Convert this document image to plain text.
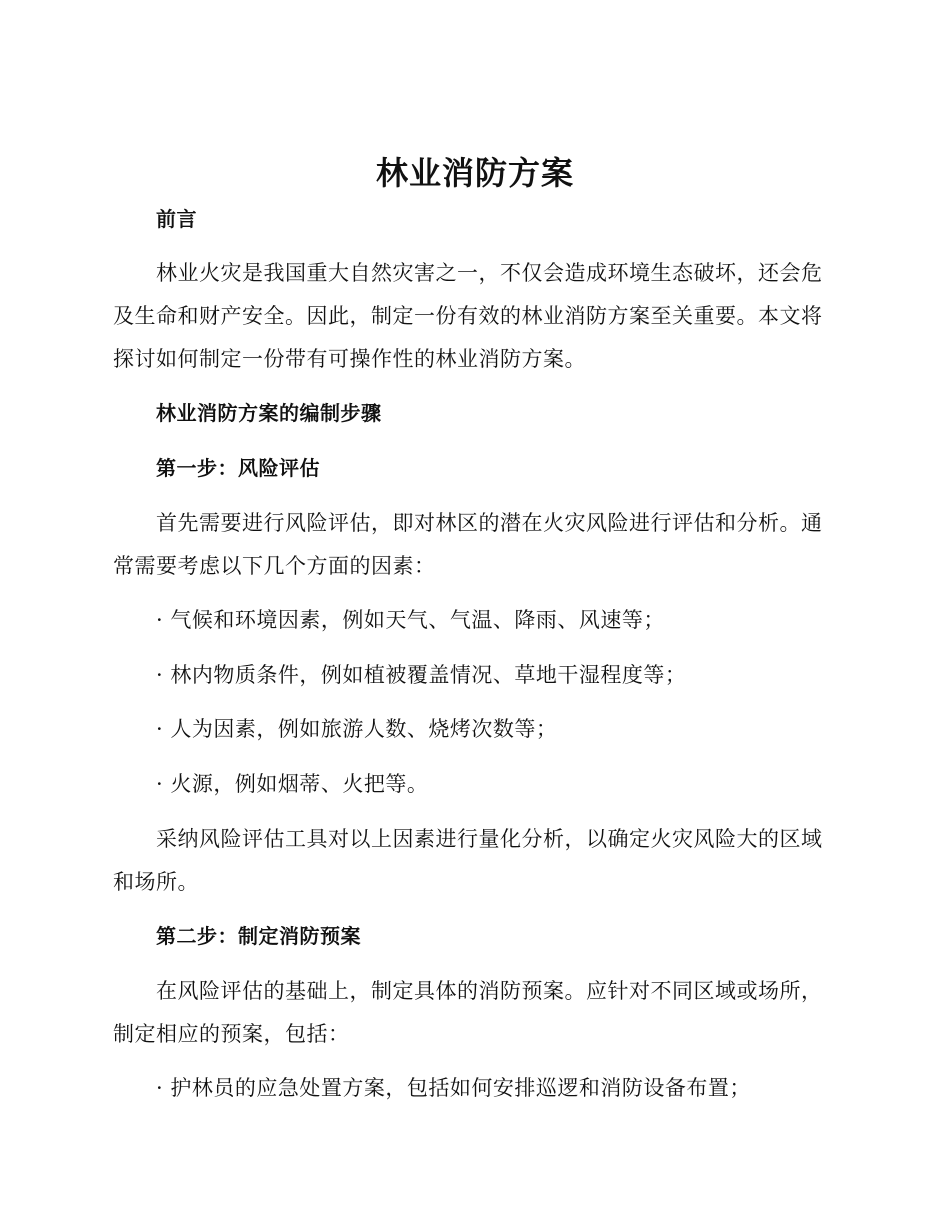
林业消防方案

前言

林业火灾是我国重大自然灾害之一，不仅会造成环境生态破坏，还会危

及生命和财产安全。因此，制定一份有效的林业消防方案至关重要。本文将

探讨如何制定一份带有可操作性的林业消防方案。

林业消防方案的编制步骤

第一步：风险评估

首先需要进行风险评估，即对林区的潜在火灾风险进行评估和分析。通

常需要考虑以下几个方面的因素：

· 气候和环境因素，例如天气、气温、降雨、风速等；

· 林内物质条件，例如植被覆盖情况、草地干湿程度等；

· 人为因素，例如旅游人数、烧烤次数等；

· 火源，例如烟蒂、火把等。

采纳风险评估工具对以上因素进行量化分析，以确定火灾风险大的区域

和场所。

第二步：制定消防预案

在风险评估的基础上，制定具体的消防预案。应针对不同区域或场所，

制定相应的预案，包括：

· 护林员的应急处置方案，包括如何安排巡逻和消防设备布置；
